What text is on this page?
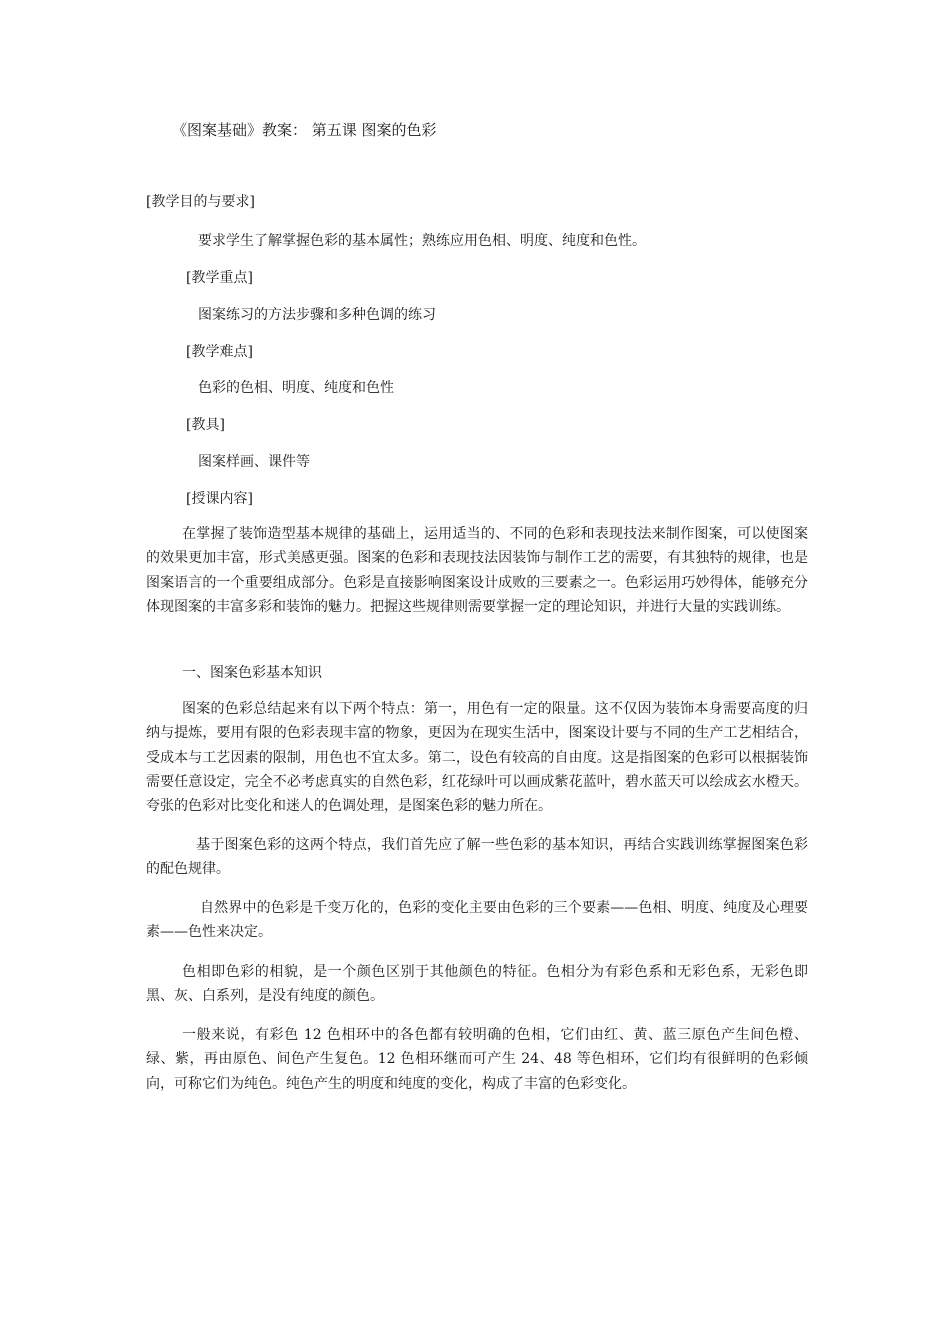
《图案基础》教案： 第五课 图案的色彩
[教学目的与要求]
要求学生了解掌握色彩的基本属性；熟练应用色相、明度、纯度和色性。
[教学重点]
图案练习的方法步骤和多种色调的练习
[教学难点]
色彩的色相、明度、纯度和色性
[教具]
图案样画、课件等
[授课内容]
在掌握了装饰造型基本规律的基础上，运用适当的、不同的色彩和表现技法来制作图案，可以使图案的效果更加丰富，形式美感更强。图案的色彩和表现技法因装饰与制作工艺的需要，有其独特的规律，也是图案语言的一个重要组成部分。色彩是直接影响图案设计成败的三要素之一。色彩运用巧妙得体，能够充分体现图案的丰富多彩和装饰的魅力。把握这些规律则需要掌握一定的理论知识，并进行大量的实践训练。
一、图案色彩基本知识
图案的色彩总结起来有以下两个特点：第一，用色有一定的限量。这不仅因为装饰本身需要高度的归纳与提炼，要用有限的色彩表现丰富的物象，更因为在现实生活中，图案设计要与不同的生产工艺相结合，受成本与工艺因素的限制，用色也不宜太多。第二，设色有较高的自由度。这是指图案的色彩可以根据装饰需要任意设定，完全不必考虑真实的自然色彩，红花绿叶可以画成紫花蓝叶，碧水蓝天可以绘成玄水橙天。夸张的色彩对比变化和迷人的色调处理，是图案色彩的魅力所在。
基于图案色彩的这两个特点，我们首先应了解一些色彩的基本知识，再结合实践训练掌握图案色彩的配色规律。
自然界中的色彩是千变万化的，色彩的变化主要由色彩的三个要素——色相、明度、纯度及心理要素——色性来决定。
色相即色彩的相貌，是一个颜色区别于其他颜色的特征。色相分为有彩色系和无彩色系，无彩色即黑、灰、白系列，是没有纯度的颜色。
一般来说，有彩色 12 色相环中的各色都有较明确的色相，它们由红、黄、蓝三原色产生间色橙、绿、紫，再由原色、间色产生复色。12 色相环继而可产生 24、48 等色相环，它们均有很鲜明的色彩倾向，可称它们为纯色。纯色产生的明度和纯度的变化，构成了丰富的色彩变化。
